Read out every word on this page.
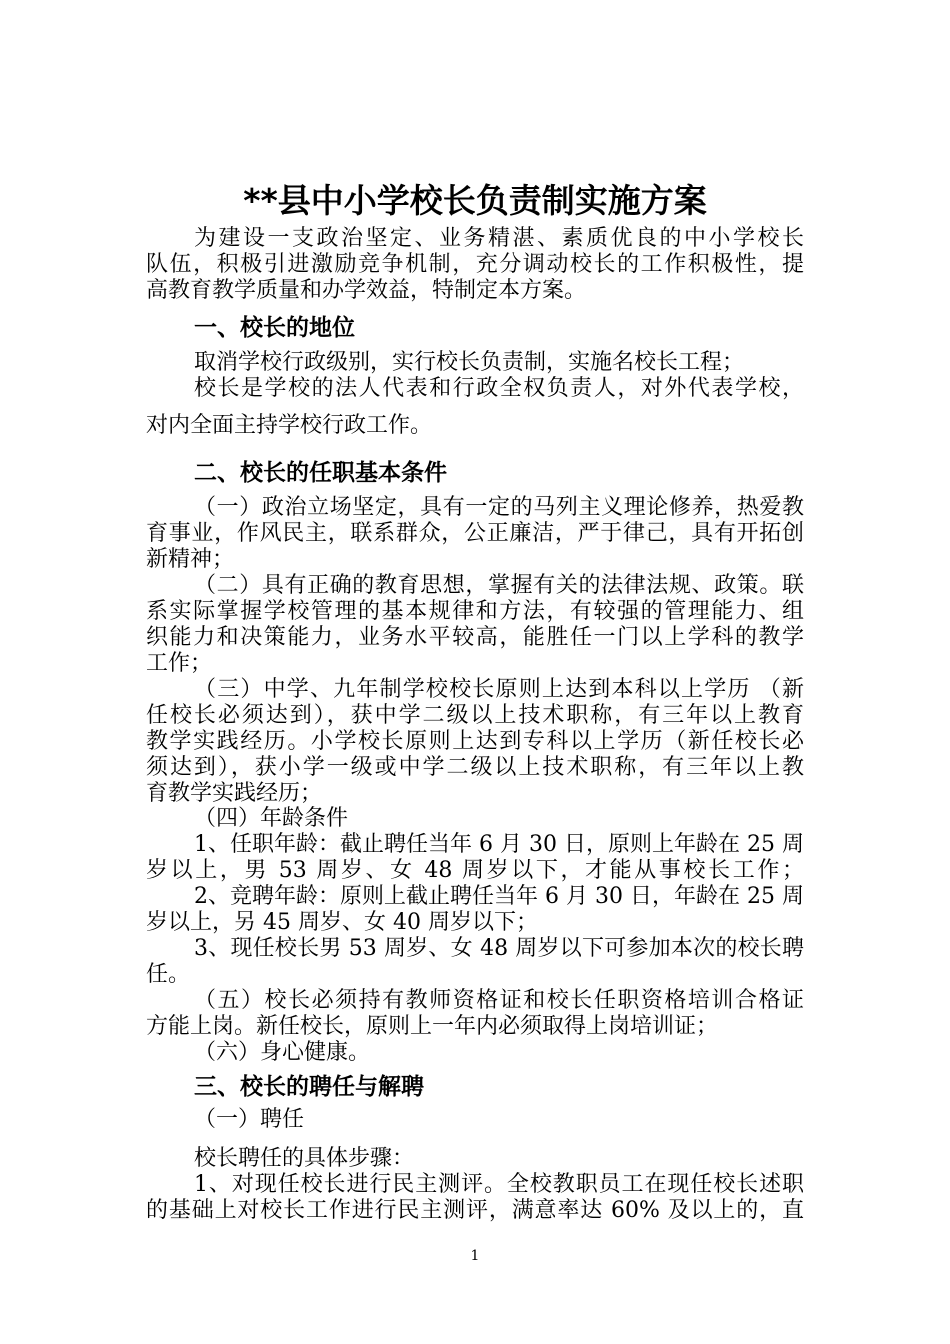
**县中小学校长负责制实施方案
为建设一支政治坚定、业务精湛、素质优良的中小学校长
队伍，积极引进激励竞争机制，充分调动校长的工作积极性，提
高教育教学质量和办学效益，特制定本方案。
一、校长的地位
取消学校行政级别，实行校长负责制，实施名校长工程；
校长是学校的法人代表和行政全权负责人，对外代表学校，
对内全面主持学校行政工作。
二、校长的任职基本条件
（一）政治立场坚定，具有一定的马列主义理论修养，热爱教
育事业，作风民主，联系群众，公正廉洁，严于律己，具有开拓创
新精神；
（二）具有正确的教育思想，掌握有关的法律法规、政策。联
系实际掌握学校管理的基本规律和方法，有较强的管理能力、组
织能力和决策能力，业务水平较高，能胜任一门以上学科的教学
工作；
（三）中学、九年制学校校长原则上达到本科以上学历 （新
任校长必须达到），获中学二级以上技术职称，有三年以上教育
教学实践经历。小学校长原则上达到专科以上学历（新任校长必
须达到），获小学一级或中学二级以上技术职称，有三年以上教
育教学实践经历；
（四）年龄条件
1、任职年龄：截止聘任当年 6 月 30 日，原则上年龄在 25 周
岁以上，男 53 周岁、女 48 周岁以下，才能从事校长工作；
2、竞聘年龄：原则上截止聘任当年 6 月 30 日，年龄在 25 周
岁以上，另 45 周岁、女 40 周岁以下；
3、现任校长男 53 周岁、女 48 周岁以下可参加本次的校长聘
任。
（五）校长必须持有教师资格证和校长任职资格培训合格证
方能上岗。新任校长，原则上一年内必须取得上岗培训证；
（六）身心健康。
三、校长的聘任与解聘
（一）聘任
校长聘任的具体步骤：
1、对现任校长进行民主测评。全校教职员工在现任校长述职
的基础上对校长工作进行民主测评，满意率达 60% 及以上的，直
1
